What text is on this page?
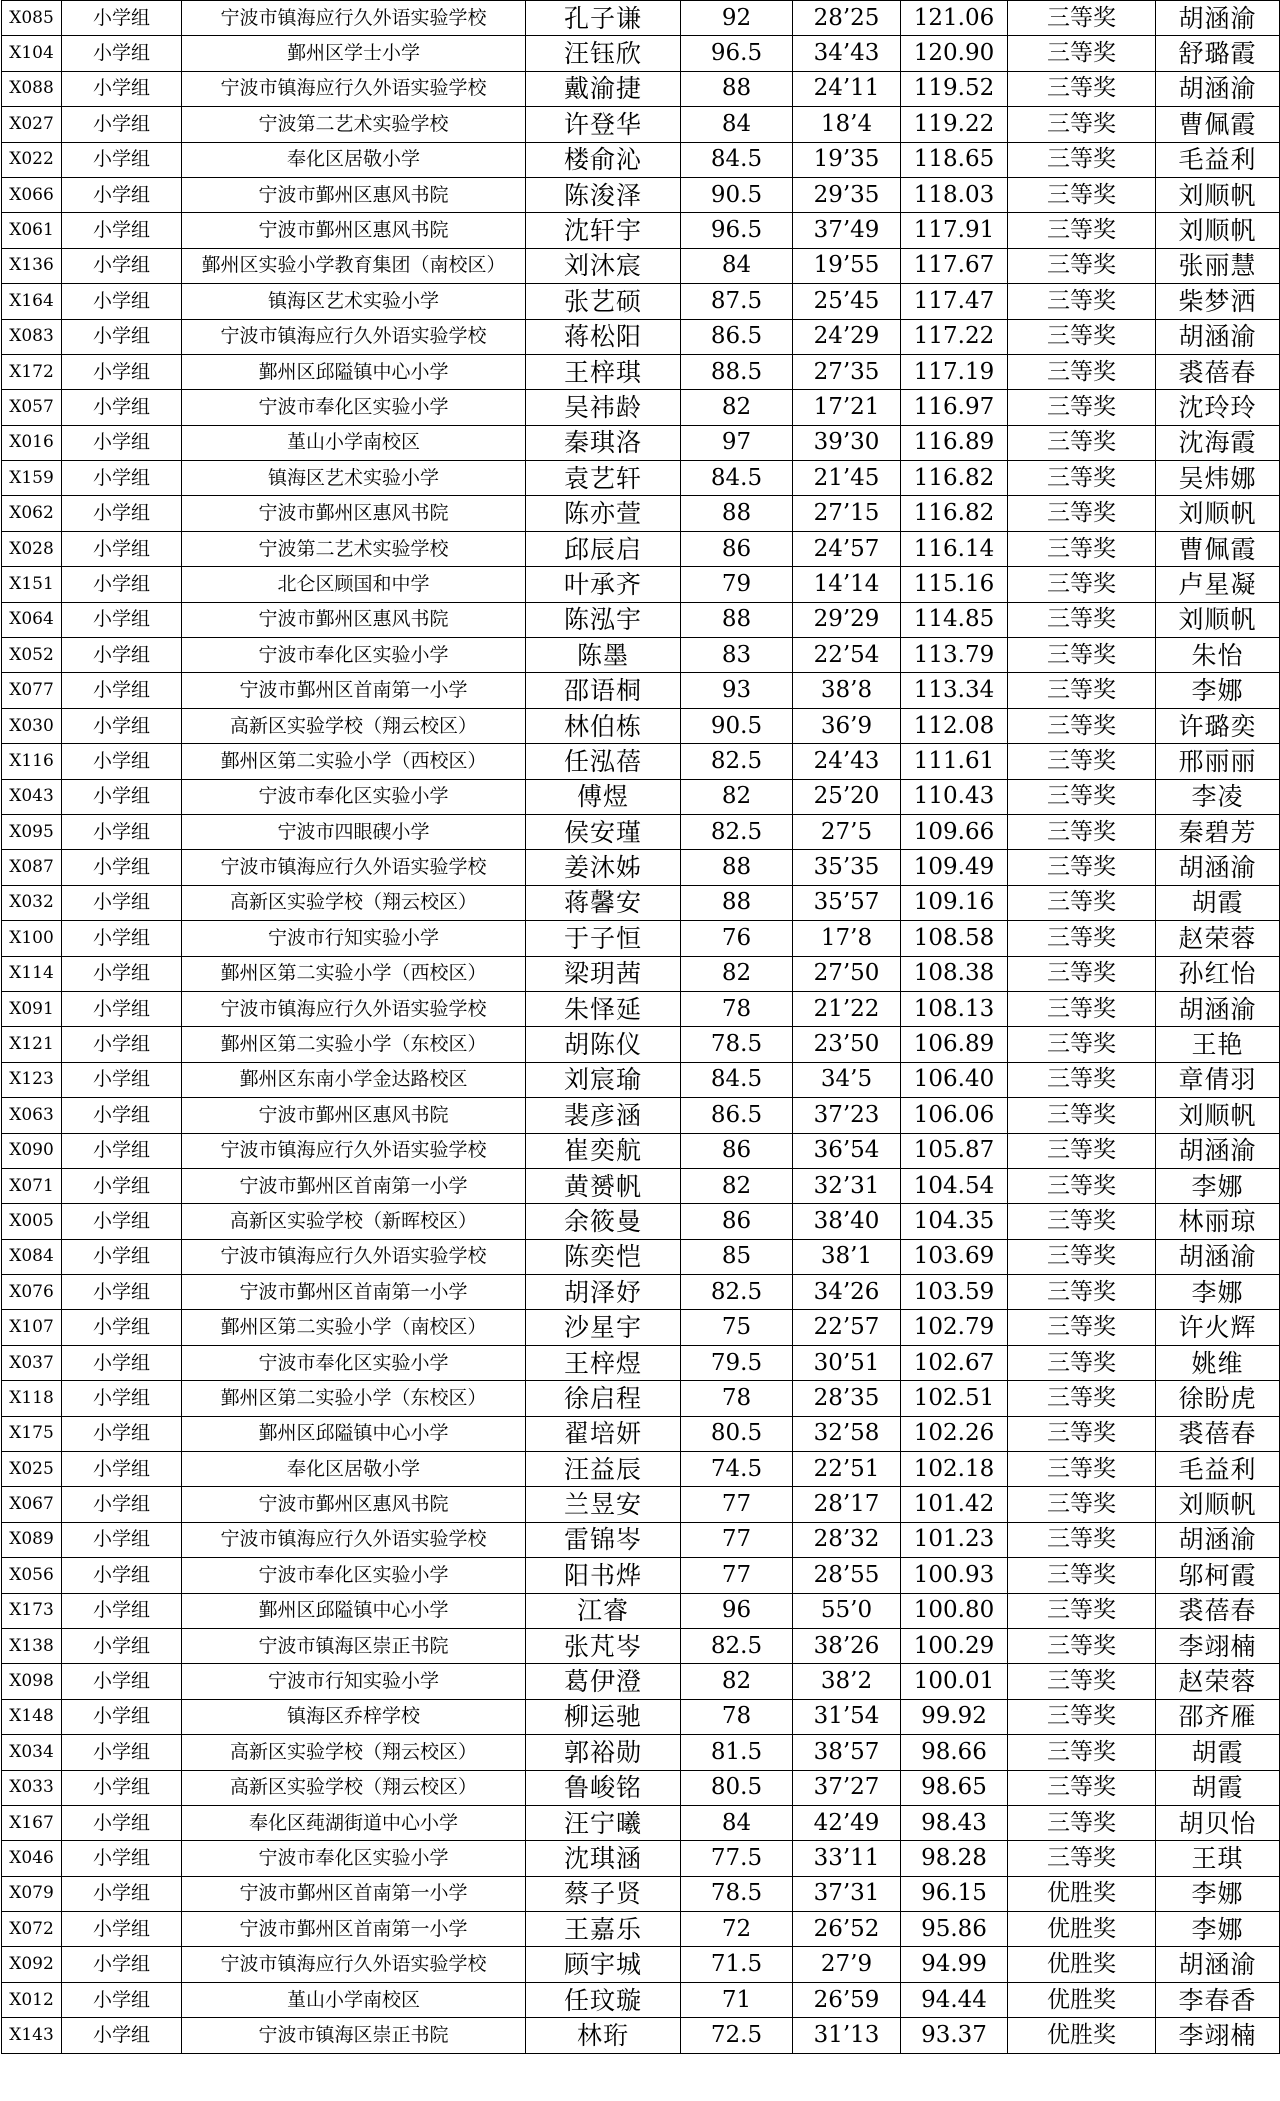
X085	小学组	宁波市镇海应行久外语实验学校	孔子谦	92	28’25	121.06	三等奖	胡涵渝
X104	小学组	鄞州区学士小学	汪钰欣	96.5	34’43	120.90	三等奖	舒璐霞
X088	小学组	宁波市镇海应行久外语实验学校	戴渝捷	88	24’11	119.52	三等奖	胡涵渝
X027	小学组	宁波第二艺术实验学校	许登华	84	18’4	119.22	三等奖	曹佩霞
X022	小学组	奉化区居敬小学	楼俞沁	84.5	19’35	118.65	三等奖	毛益利
X066	小学组	宁波市鄞州区惠风书院	陈浚泽	90.5	29’35	118.03	三等奖	刘顺帆
X061	小学组	宁波市鄞州区惠风书院	沈轩宇	96.5	37’49	117.91	三等奖	刘顺帆
X136	小学组	鄞州区实验小学教育集团（南校区）	刘沐宸	84	19’55	117.67	三等奖	张丽慧
X164	小学组	镇海区艺术实验小学	张艺硕	87.5	25’45	117.47	三等奖	柴梦洒
X083	小学组	宁波市镇海应行久外语实验学校	蒋松阳	86.5	24’29	117.22	三等奖	胡涵渝
X172	小学组	鄞州区邱隘镇中心小学	王梓琪	88.5	27’35	117.19	三等奖	裘蓓春
X057	小学组	宁波市奉化区实验小学	吴祎龄	82	17’21	116.97	三等奖	沈玲玲
X016	小学组	堇山小学南校区	秦琪洛	97	39’30	116.89	三等奖	沈海霞
X159	小学组	镇海区艺术实验小学	袁艺轩	84.5	21’45	116.82	三等奖	吴炜娜
X062	小学组	宁波市鄞州区惠风书院	陈亦萱	88	27’15	116.82	三等奖	刘顺帆
X028	小学组	宁波第二艺术实验学校	邱辰启	86	24’57	116.14	三等奖	曹佩霞
X151	小学组	北仑区顾国和中学	叶承齐	79	14’14	115.16	三等奖	卢星凝
X064	小学组	宁波市鄞州区惠风书院	陈泓宇	88	29’29	114.85	三等奖	刘顺帆
X052	小学组	宁波市奉化区实验小学	陈墨	83	22’54	113.79	三等奖	朱怡
X077	小学组	宁波市鄞州区首南第一小学	邵语桐	93	38’8	113.34	三等奖	李娜
X030	小学组	高新区实验学校（翔云校区）	林伯栋	90.5	36’9	112.08	三等奖	许璐奕
X116	小学组	鄞州区第二实验小学（西校区）	任泓蓓	82.5	24’43	111.61	三等奖	邢丽丽
X043	小学组	宁波市奉化区实验小学	傅煜	82	25’20	110.43	三等奖	李凌
X095	小学组	宁波市四眼碶小学	侯安瑾	82.5	27’5	109.66	三等奖	秦碧芳
X087	小学组	宁波市镇海应行久外语实验学校	姜沐姊	88	35’35	109.49	三等奖	胡涵渝
X032	小学组	高新区实验学校（翔云校区）	蒋馨安	88	35’57	109.16	三等奖	胡霞
X100	小学组	宁波市行知实验小学	于子恒	76	17’8	108.58	三等奖	赵荣蓉
X114	小学组	鄞州区第二实验小学（西校区）	梁玥茜	82	27’50	108.38	三等奖	孙红怡
X091	小学组	宁波市镇海应行久外语实验学校	朱怿延	78	21’22	108.13	三等奖	胡涵渝
X121	小学组	鄞州区第二实验小学（东校区）	胡陈仪	78.5	23’50	106.89	三等奖	王艳
X123	小学组	鄞州区东南小学金达路校区	刘宸瑜	84.5	34’5	106.40	三等奖	章倩羽
X063	小学组	宁波市鄞州区惠风书院	裴彦涵	86.5	37’23	106.06	三等奖	刘顺帆
X090	小学组	宁波市镇海应行久外语实验学校	崔奕航	86	36’54	105.87	三等奖	胡涵渝
X071	小学组	宁波市鄞州区首南第一小学	黄赟帆	82	32’31	104.54	三等奖	李娜
X005	小学组	高新区实验学校（新晖校区）	余筱曼	86	38’40	104.35	三等奖	林丽琼
X084	小学组	宁波市镇海应行久外语实验学校	陈奕恺	85	38’1	103.69	三等奖	胡涵渝
X076	小学组	宁波市鄞州区首南第一小学	胡泽妤	82.5	34’26	103.59	三等奖	李娜
X107	小学组	鄞州区第二实验小学（南校区）	沙星宇	75	22’57	102.79	三等奖	许火辉
X037	小学组	宁波市奉化区实验小学	王梓煜	79.5	30’51	102.67	三等奖	姚维
X118	小学组	鄞州区第二实验小学（东校区）	徐启程	78	28’35	102.51	三等奖	徐盼虎
X175	小学组	鄞州区邱隘镇中心小学	翟培妍	80.5	32’58	102.26	三等奖	裘蓓春
X025	小学组	奉化区居敬小学	汪益辰	74.5	22’51	102.18	三等奖	毛益利
X067	小学组	宁波市鄞州区惠风书院	兰昱安	77	28’17	101.42	三等奖	刘顺帆
X089	小学组	宁波市镇海应行久外语实验学校	雷锦岑	77	28’32	101.23	三等奖	胡涵渝
X056	小学组	宁波市奉化区实验小学	阳书烨	77	28’55	100.93	三等奖	邬柯霞
X173	小学组	鄞州区邱隘镇中心小学	江睿	96	55’0	100.80	三等奖	裘蓓春
X138	小学组	宁波市镇海区崇正书院	张芃岑	82.5	38’26	100.29	三等奖	李翊楠
X098	小学组	宁波市行知实验小学	葛伊澄	82	38’2	100.01	三等奖	赵荣蓉
X148	小学组	镇海区乔梓学校	柳运驰	78	31’54	99.92	三等奖	邵齐雁
X034	小学组	高新区实验学校（翔云校区）	郭裕勋	81.5	38’57	98.66	三等奖	胡霞
X033	小学组	高新区实验学校（翔云校区）	鲁峻铭	80.5	37’27	98.65	三等奖	胡霞
X167	小学组	奉化区莼湖街道中心小学	汪宁曦	84	42’49	98.43	三等奖	胡贝怡
X046	小学组	宁波市奉化区实验小学	沈琪涵	77.5	33’11	98.28	三等奖	王琪
X079	小学组	宁波市鄞州区首南第一小学	蔡子贤	78.5	37’31	96.15	优胜奖	李娜
X072	小学组	宁波市鄞州区首南第一小学	王嘉乐	72	26’52	95.86	优胜奖	李娜
X092	小学组	宁波市镇海应行久外语实验学校	顾宇城	71.5	27’9	94.99	优胜奖	胡涵渝
X012	小学组	堇山小学南校区	任玟璇	71	26’59	94.44	优胜奖	李春香
X143	小学组	宁波市镇海区崇正书院	林珩	72.5	31’13	93.37	优胜奖	李翊楠
